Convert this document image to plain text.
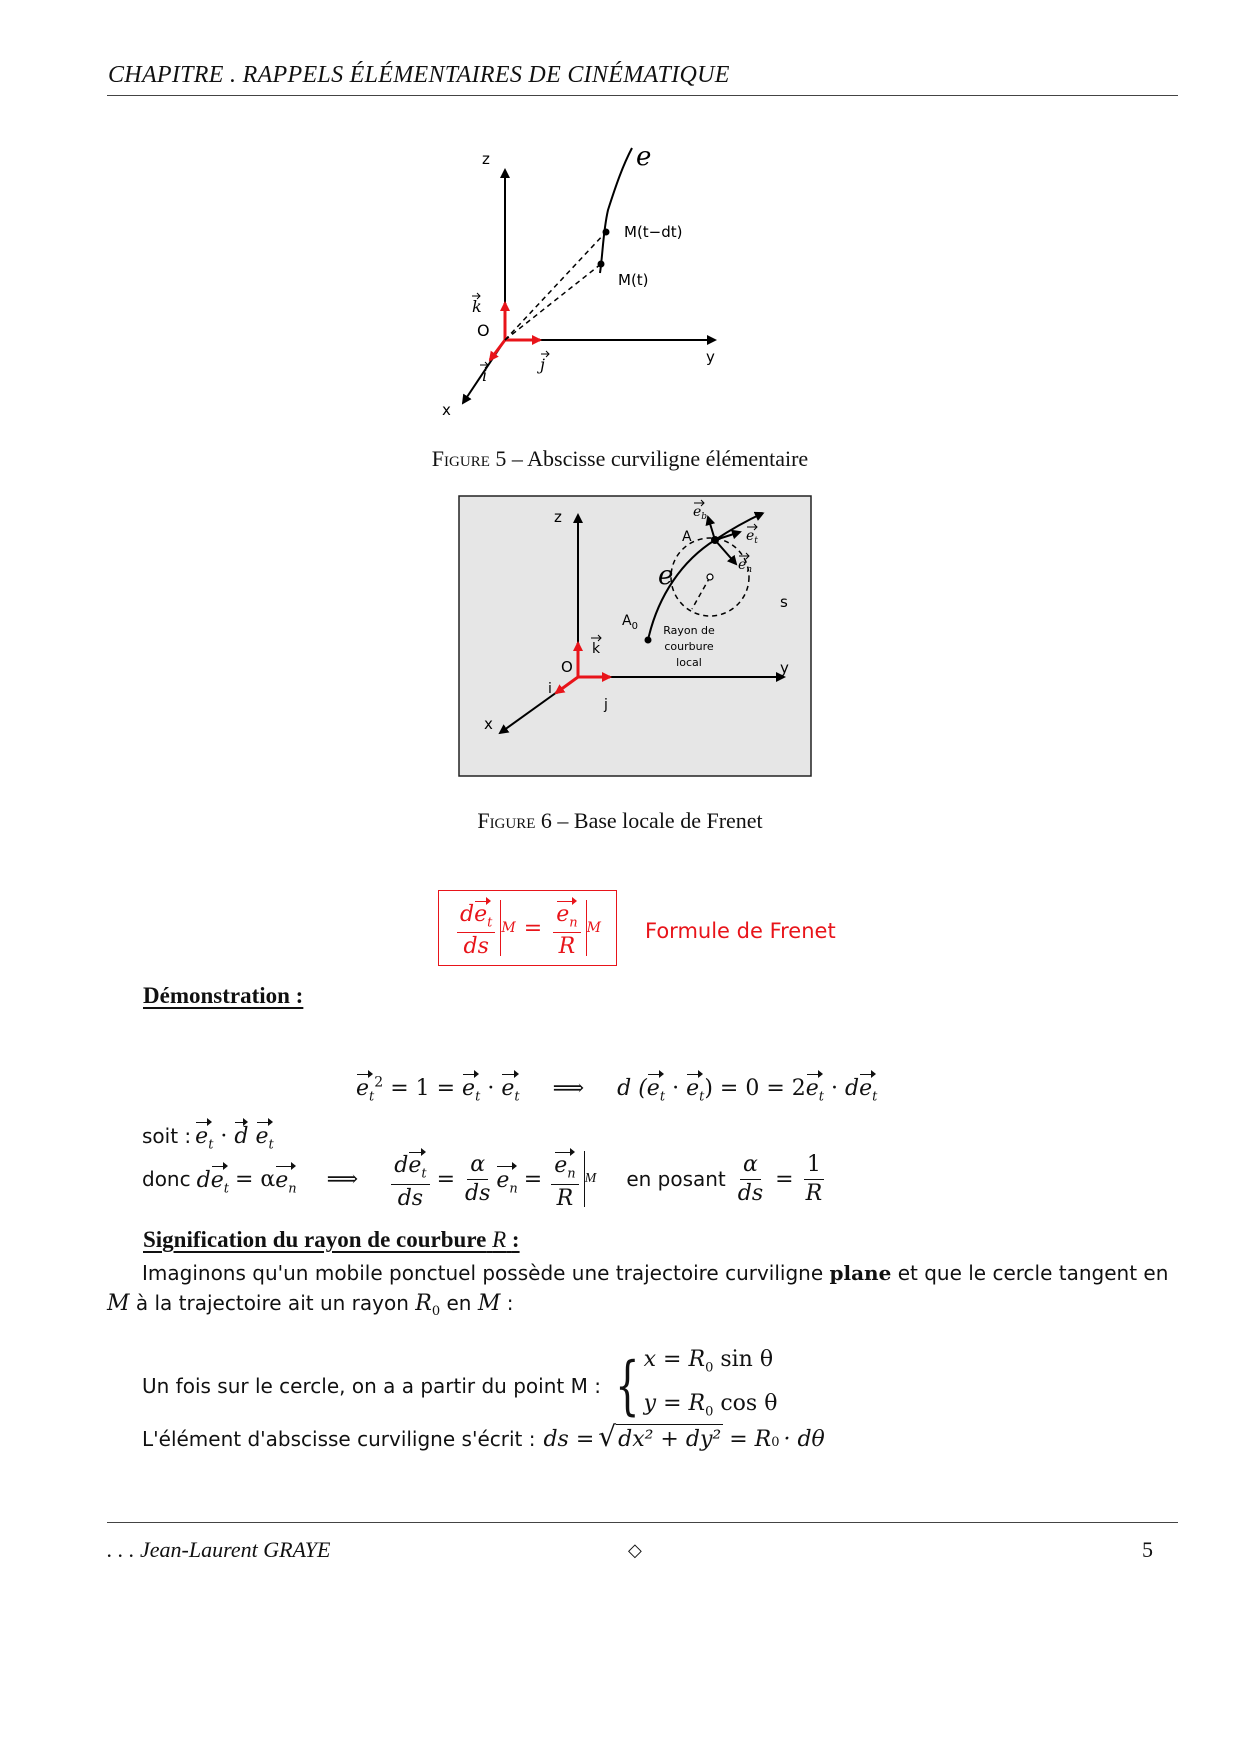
CHAPITRE . RAPPELS ÉLÉMENTAIRES DE CINÉMATIQUE
z
y
x
O
e
M(t−dt)
M(t)
k
i
j
Figure 5 – Abscisse curviligne élémentaire
z
s
y
x
O
A
$A_0$
e
$e_b$
$e_t$
$e_n$
Rayon de
courbure
local
k
i
j
Figure 6 – Base locale de Frenet
$\frac{de_t}{ds}$ $M = \frac{e_n}{R}$ M Formule de Frenet
Démonstration :
$e_t^2 = 1 = e_t \cdot e_t$ ⟹ d $(e_t \cdot e_t) = 0 = 2e_t \cdot de_t$
soit : $e_t \cdot d$ $e_t$
donc $de_t = \alpha$ $e_n$ ⟹ $\frac{de_t}{ds} = \frac{\alpha}{ds} e_n = \frac{e_n}{R}$ M en posant $\frac{\alpha}{ds} = \frac{1}{R}$
Signification du rayon de courbure R :
Imaginons qu'un mobile ponctuel possède une trajectoire curviligne plane et que le cercle tangent en
M à la trajectoire ait un rayon $R_0$ en M :
Un fois sur le cercle, on a a partir du point M : { $x = R_0$ sin θ
$y = R_0$ cos θ
L'élément d'abscisse curviligne s'écrit : ds = √ dx² + dy² = R 0 · dθ
. . . Jean-Laurent GRAYE	◇	5
